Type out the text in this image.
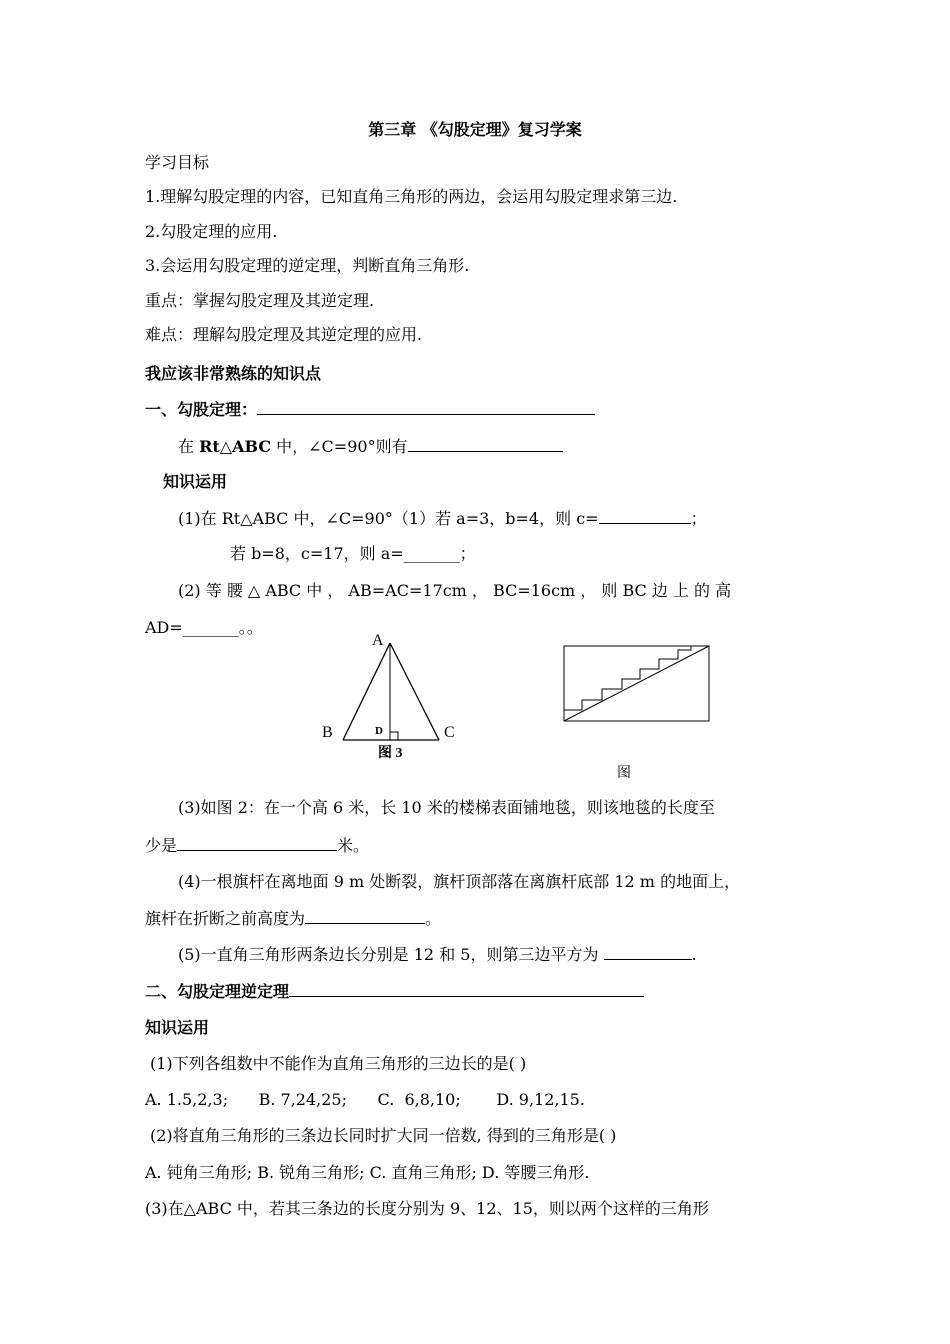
第三章 《勾股定理》复习学案
学习目标
1.理解勾股定理的内容，已知直角三角形的两边，会运用勾股定理求第三边.
2.勾股定理的应用.
3.会运用勾股定理的逆定理，判断直角三角形.
重点：掌握勾股定理及其逆定理.
难点：理解勾股定理及其逆定理的应用.
我应该非常熟练的知识点
一、勾股定理：
在 Rt△ABC 中，∠C=90°则有
知识运用
(1)在 Rt△ABC 中，∠C=90°（1）若 a=3，b=4，则 c=	；
若 b=8，c=17，则 a=_______；
(2) 等 腰 △ ABC 中 ， AB=AC=17cm ， BC=16cm ， 则 BC 边 上 的 高
AD=_______。。
A
B	C
D
图 3
图
(3)如图 2：在一个高 6 米，长 10 米的楼梯表面铺地毯，则该地毯的长度至
少是	米。
(4)一根旗杆在离地面 9 m 处断裂，旗杆顶部落在离旗杆底部 12 m 的地面上，
旗杆在折断之前高度为	。
(5)一直角三角形两条边长分别是 12 和 5，则第三边平方为	.
二、勾股定理逆定理
知识运用
(1)下列各组数中不能作为直角三角形的三边长的是( )
A. 1.5,2,3;      B. 7,24,25;      C.  6,8,10;       D. 9,12,15.
(2)将直角三角形的三条边长同时扩大同一倍数, 得到的三角形是( )
A. 钝角三角形; B. 锐角三角形; C. 直角三角形; D. 等腰三角形.
(3)在△ABC 中，若其三条边的长度分别为 9、12、15，则以两个这样的三角形
